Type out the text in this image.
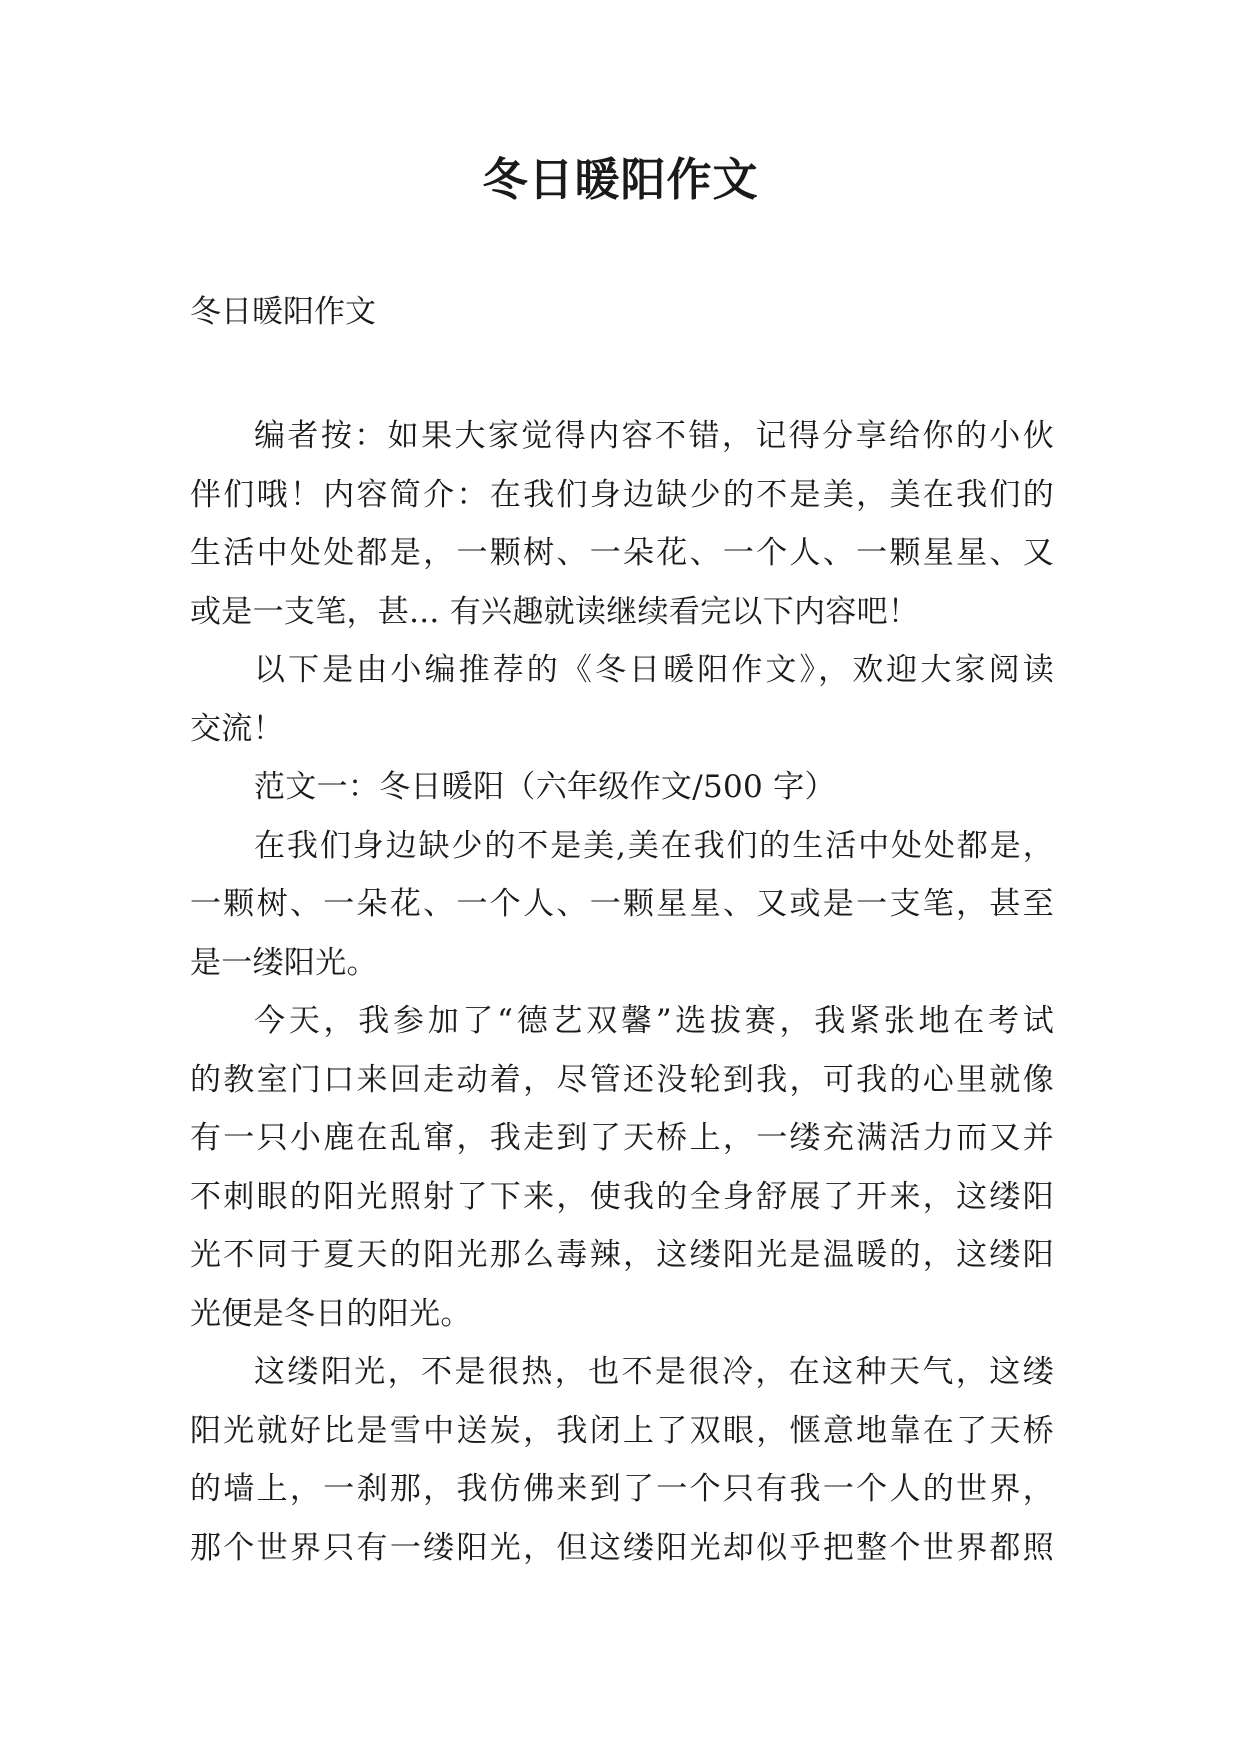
冬日暖阳作文

冬日暖阳作文

编者按：如果大家觉得内容不错，记得分享给你的小伙
伴们哦！内容简介：在我们身边缺少的不是美，美在我们的
生活中处处都是，一颗树、一朵花、一个人、一颗星星、又
或是一支笔，甚... 有兴趣就读继续看完以下内容吧！

以下是由小编推荐的《冬日暖阳作文》，欢迎大家阅读
交流！

范文一：冬日暖阳（六年级作文/500 字）

在我们身边缺少的不是美,美在我们的生活中处处都是，
一颗树、一朵花、一个人、一颗星星、又或是一支笔，甚至
是一缕阳光。

今天，我参加了“德艺双馨”选拔赛，我紧张地在考试
的教室门口来回走动着，尽管还没轮到我，可我的心里就像
有一只小鹿在乱窜，我走到了天桥上，一缕充满活力而又并
不刺眼的阳光照射了下来，使我的全身舒展了开来，这缕阳
光不同于夏天的阳光那么毒辣，这缕阳光是温暖的，这缕阳
光便是冬日的阳光。

这缕阳光，不是很热，也不是很冷，在这种天气，这缕
阳光就好比是雪中送炭，我闭上了双眼，惬意地靠在了天桥
的墙上，一刹那，我仿佛来到了一个只有我一个人的世界，
那个世界只有一缕阳光，但这缕阳光却似乎把整个世界都照
